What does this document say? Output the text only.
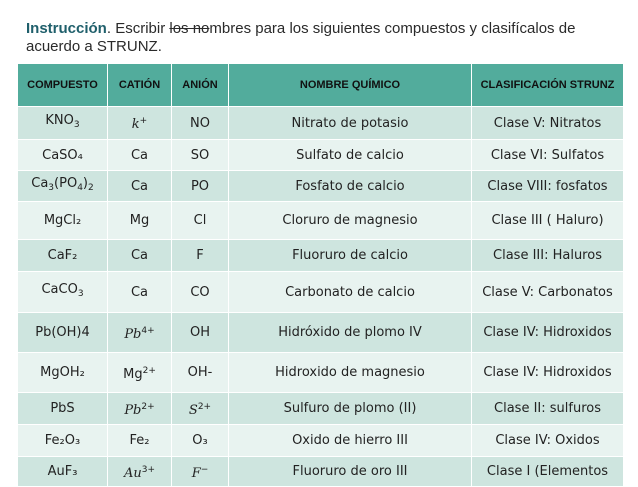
Instrucción. Escribir los nombres para los siguientes compuestos y clasifícalos de acuerdo a STRUNZ.
COMPUESTO	CATIÓN	ANIÓN	NOMBRE QUÍMICO	CLASIFICACIÓN STRUNZ
$KNO_3$	k+	NO	Nitrato de potasio	Clase V: Nitratos
CaSO₄	Ca	SO	Sulfato de calcio	Clase VI: Sulfatos
$Ca_3(PO_4)_2$	Ca	PO	Fosfato de calcio	Clase VIII: fosfatos
MgCl₂	Mg	Cl	Cloruro de magnesio	Clase III ( Haluro)
CaF₂	Ca	F	Fluoruro de calcio	Clase III: Haluros
CaCO$_3$	Ca	CO	Carbonato de calcio	Clase V: Carbonatos
Pb(OH)4	$Pb^{4+}$	OH	Hidróxido de plomo IV	Clase IV: Hidroxidos
MgOH₂	$Mg^{2+}$	OH-	Hidroxido de magnesio	Clase IV: Hidroxidos
PbS	$Pb^{2+}$	$S^{2+}$	Sulfuro de plomo (II)	Clase II: sulfuros
Fe₂O₃	Fe₂	O₃	Oxido de hierro III	Clase IV: Oxidos
AuF₃	$Au^{3+}$	F−	Fluoruro de oro III	Clase I (Elementos
